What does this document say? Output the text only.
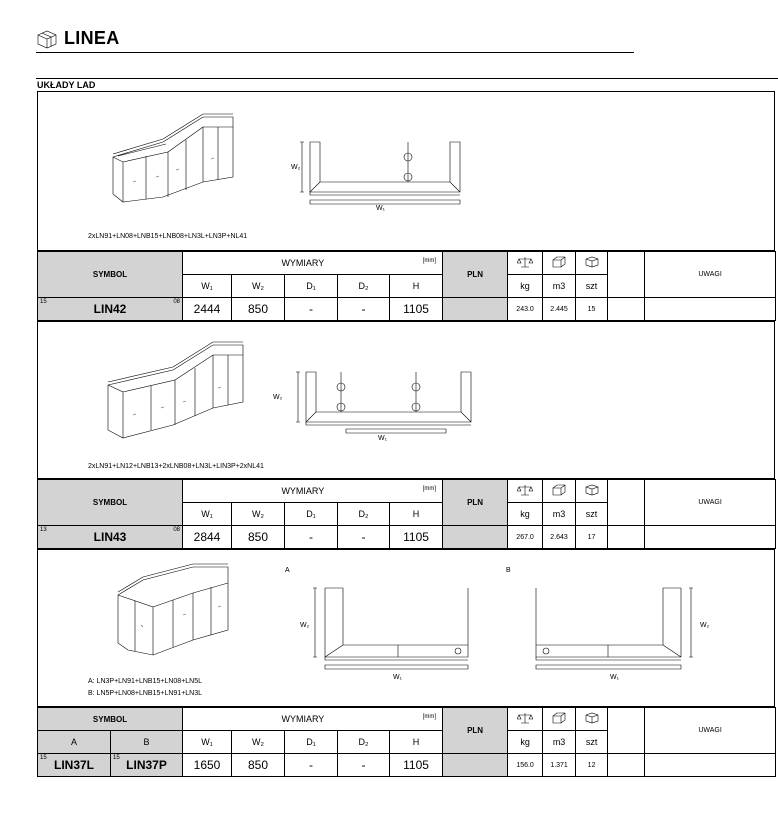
LINEA
UKŁADY LAD
W₂
W₁
2xLN91+LN08+LNB15+LNB08+LN3L+LN3P+NL41
SYMBOL	WYMIARY [mm]					PLN					UWAGI
	W₁	W₂	D₁	D₂	H		kg	m3	szt		

15 LIN42 08	2444	850	-	-	1105		243.0	2.445	15		
W₂
W₁
2xLN91+LN12+LNB13+2xLNB08+LN3L+LIN3P+2xNL41
SYMBOL	WYMIARY [mm]					PLN					UWAGI
	W₁	W₂	D₁	D₂	H		kg	m3	szt		

13 LIN43 08	2844	850	-	-	1105		267.0	2.643	17		
A	B
W₂
W₁
W₂
W₁
A: LN3P+LN91+LNB15+LN08+LN5L
B: LN5P+LN08+LNB15+LN91+LN3L
SYMBOL		WYMIARY [mm]					PLN					UWAGI
A	B	W₁	W₂	D₁	D₂	H		kg	m3	szt		

15 LIN37L	15 LIN37P	1650	850	-	-	1105		156.0	1.371	12		
